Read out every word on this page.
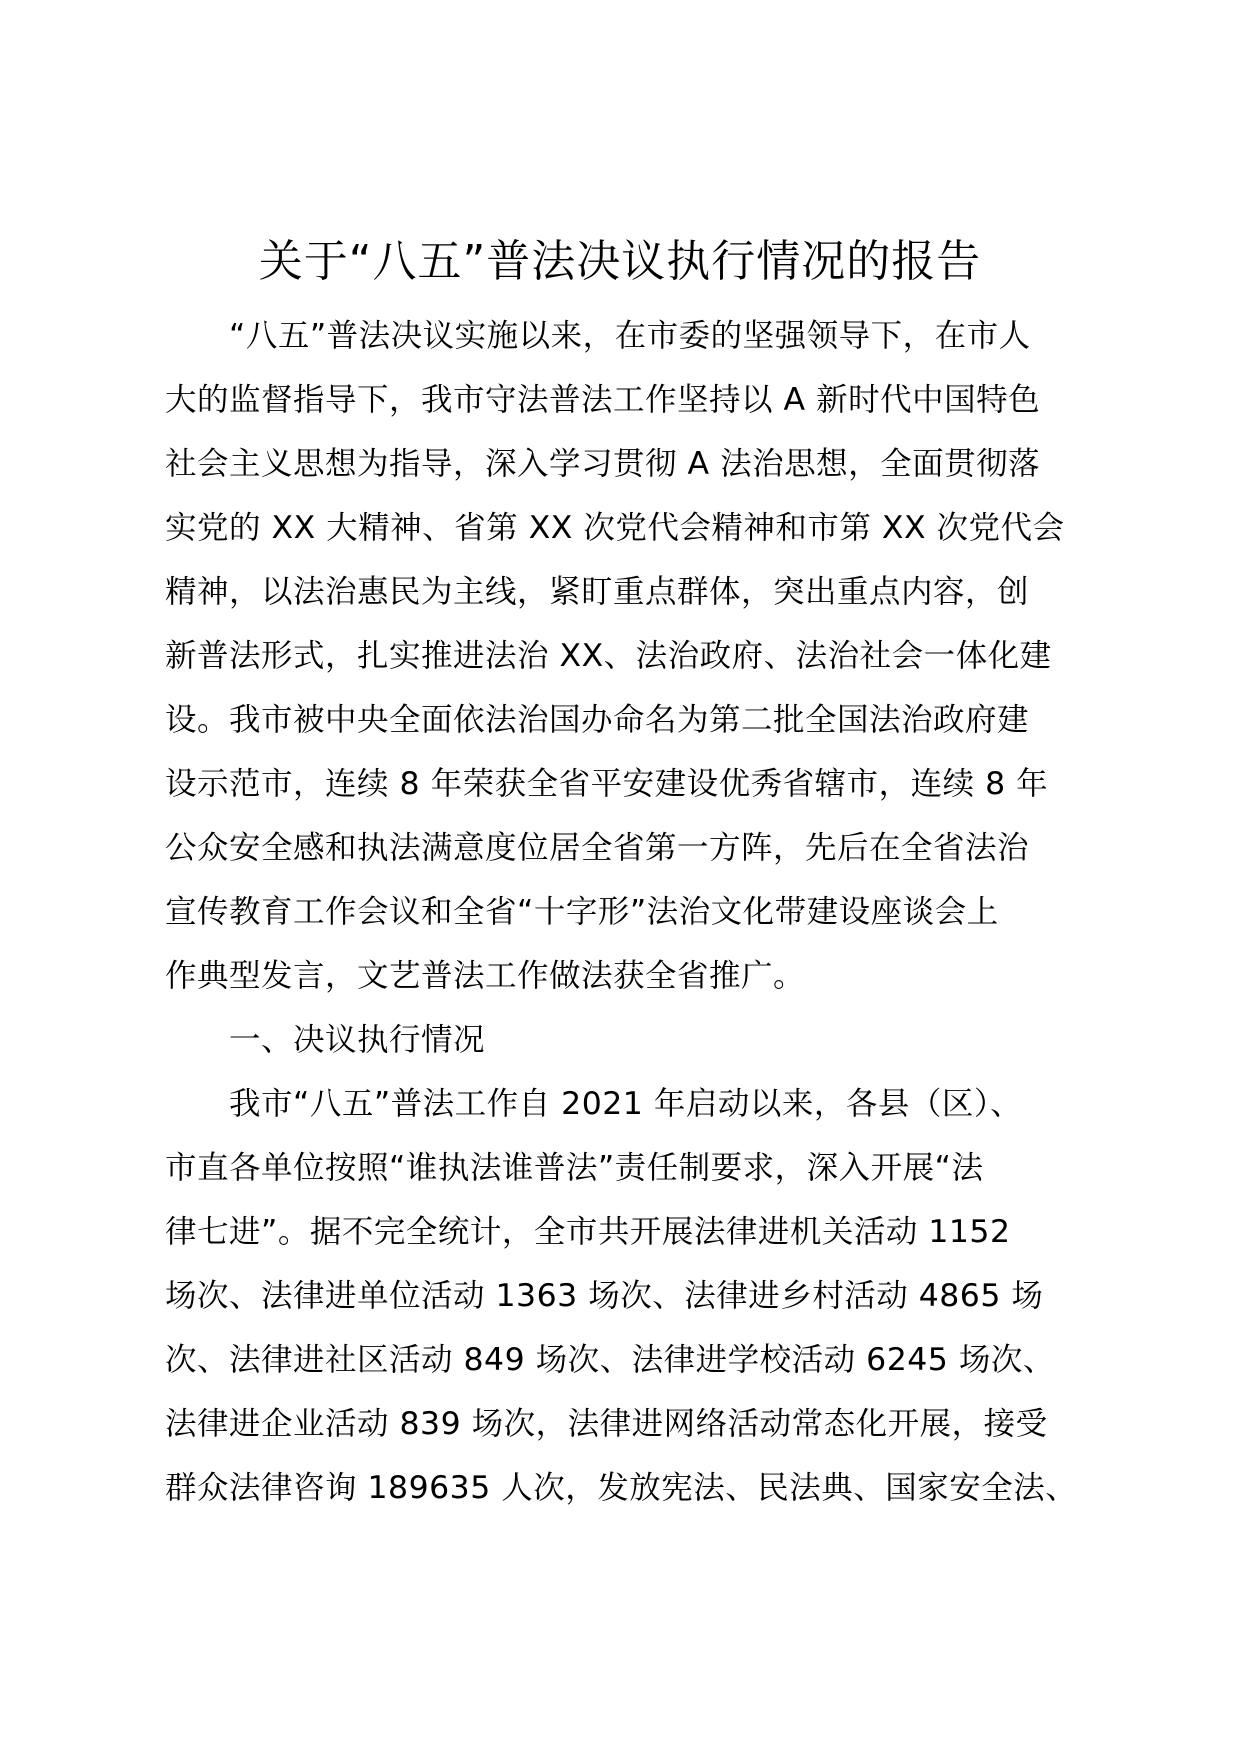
关于“八五”普法决议执行情况的报告
“八五”普法决议实施以来，在市委的坚强领导下，在市人
大的监督指导下，我市守法普法工作坚持以 A 新时代中国特色
社会主义思想为指导，深入学习贯彻 A 法治思想，全面贯彻落
实党的 XX 大精神、省第 XX 次党代会精神和市第 XX 次党代会
精神，以法治惠民为主线，紧盯重点群体，突出重点内容，创
新普法形式，扎实推进法治 XX、法治政府、法治社会一体化建
设。我市被中央全面依法治国办命名为第二批全国法治政府建
设示范市，连续 8 年荣获全省平安建设优秀省辖市，连续 8 年
公众安全感和执法满意度位居全省第一方阵，先后在全省法治
宣传教育工作会议和全省“十字形”法治文化带建设座谈会上
作典型发言，文艺普法工作做法获全省推广。
一、决议执行情况
我市“八五”普法工作自 2021 年启动以来，各县（区）、
市直各单位按照“谁执法谁普法”责任制要求，深入开展“法
律七进”。据不完全统计，全市共开展法律进机关活动 1152
场次、法律进单位活动 1363 场次、法律进乡村活动 4865 场
次、法律进社区活动 849 场次、法律进学校活动 6245 场次、
法律进企业活动 839 场次，法律进网络活动常态化开展，接受
群众法律咨询 189635 人次，发放宪法、民法典、国家安全法、
